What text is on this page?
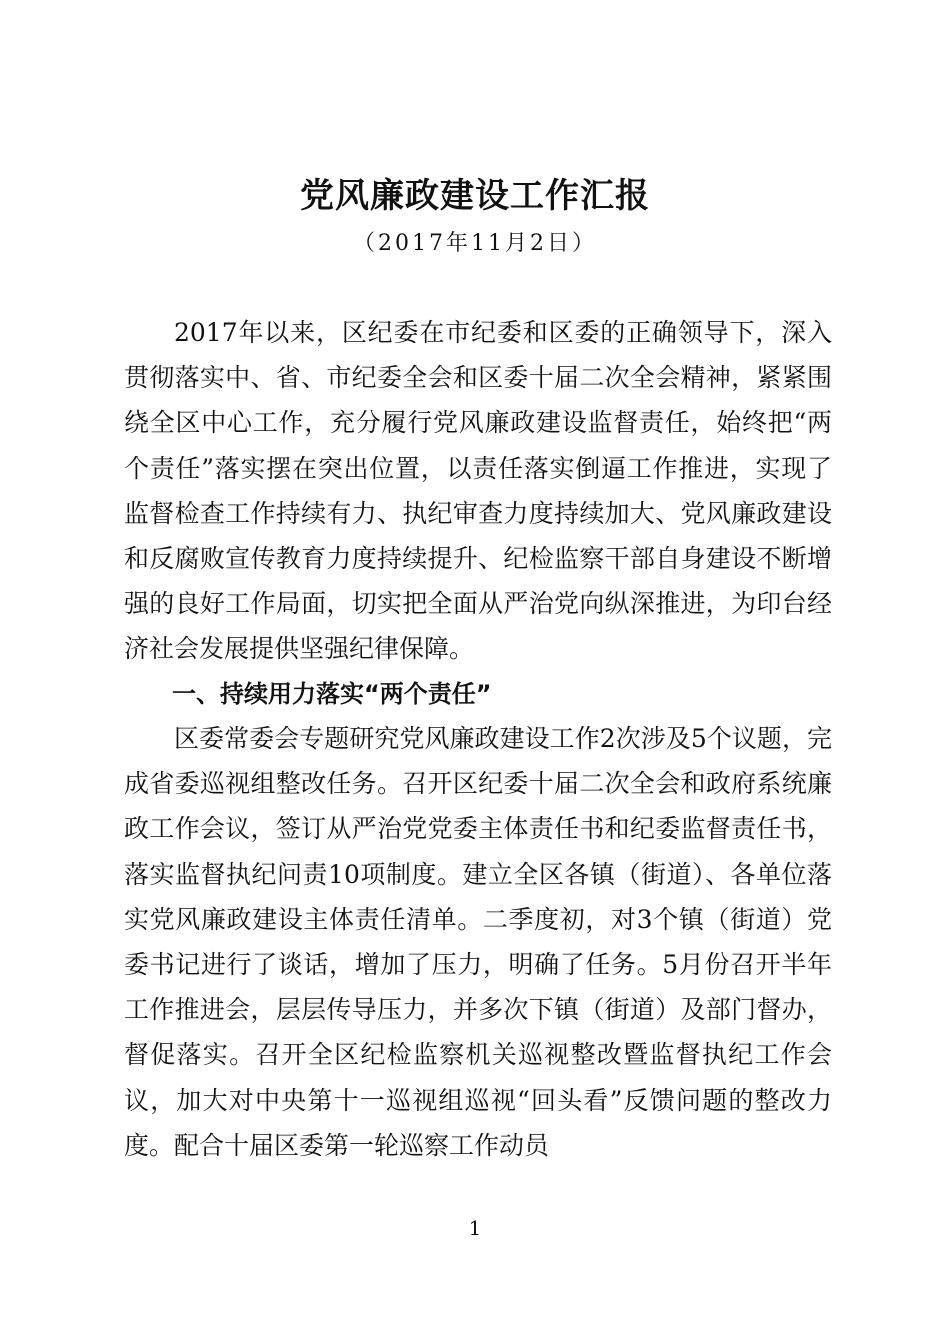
党风廉政建设工作汇报
（2017年11月2日）

2017年以来，区纪委在市纪委和区委的正确领导下，深入贯彻落实中、省、市纪委全会和区委十届二次全会精神，紧紧围绕全区中心工作，充分履行党风廉政建设监督责任，始终把“两个责任”落实摆在突出位置，以责任落实倒逼工作推进，实现了监督检查工作持续有力、执纪审查力度持续加大、党风廉政建设和反腐败宣传教育力度持续提升、纪检监察干部自身建设不断增强的良好工作局面，切实把全面从严治党向纵深推进，为印台经济社会发展提供坚强纪律保障。

一、持续用力落实“两个责任”

区委常委会专题研究党风廉政建设工作2次涉及5个议题，完成省委巡视组整改任务。召开区纪委十届二次全会和政府系统廉政工作会议，签订从严治党党委主体责任书和纪委监督责任书，落实监督执纪问责10项制度。建立全区各镇（街道）、各单位落实党风廉政建设主体责任清单。二季度初，对3个镇（街道）党委书记进行了谈话，增加了压力，明确了任务。5月份召开半年工作推进会，层层传导压力，并多次下镇（街道）及部门督办，督促落实。召开全区纪检监察机关巡视整改暨监督执纪工作会议，加大对中央第十一巡视组巡视“回头看”反馈问题的整改力度。配合十届区委第一轮巡察工作动员

1
